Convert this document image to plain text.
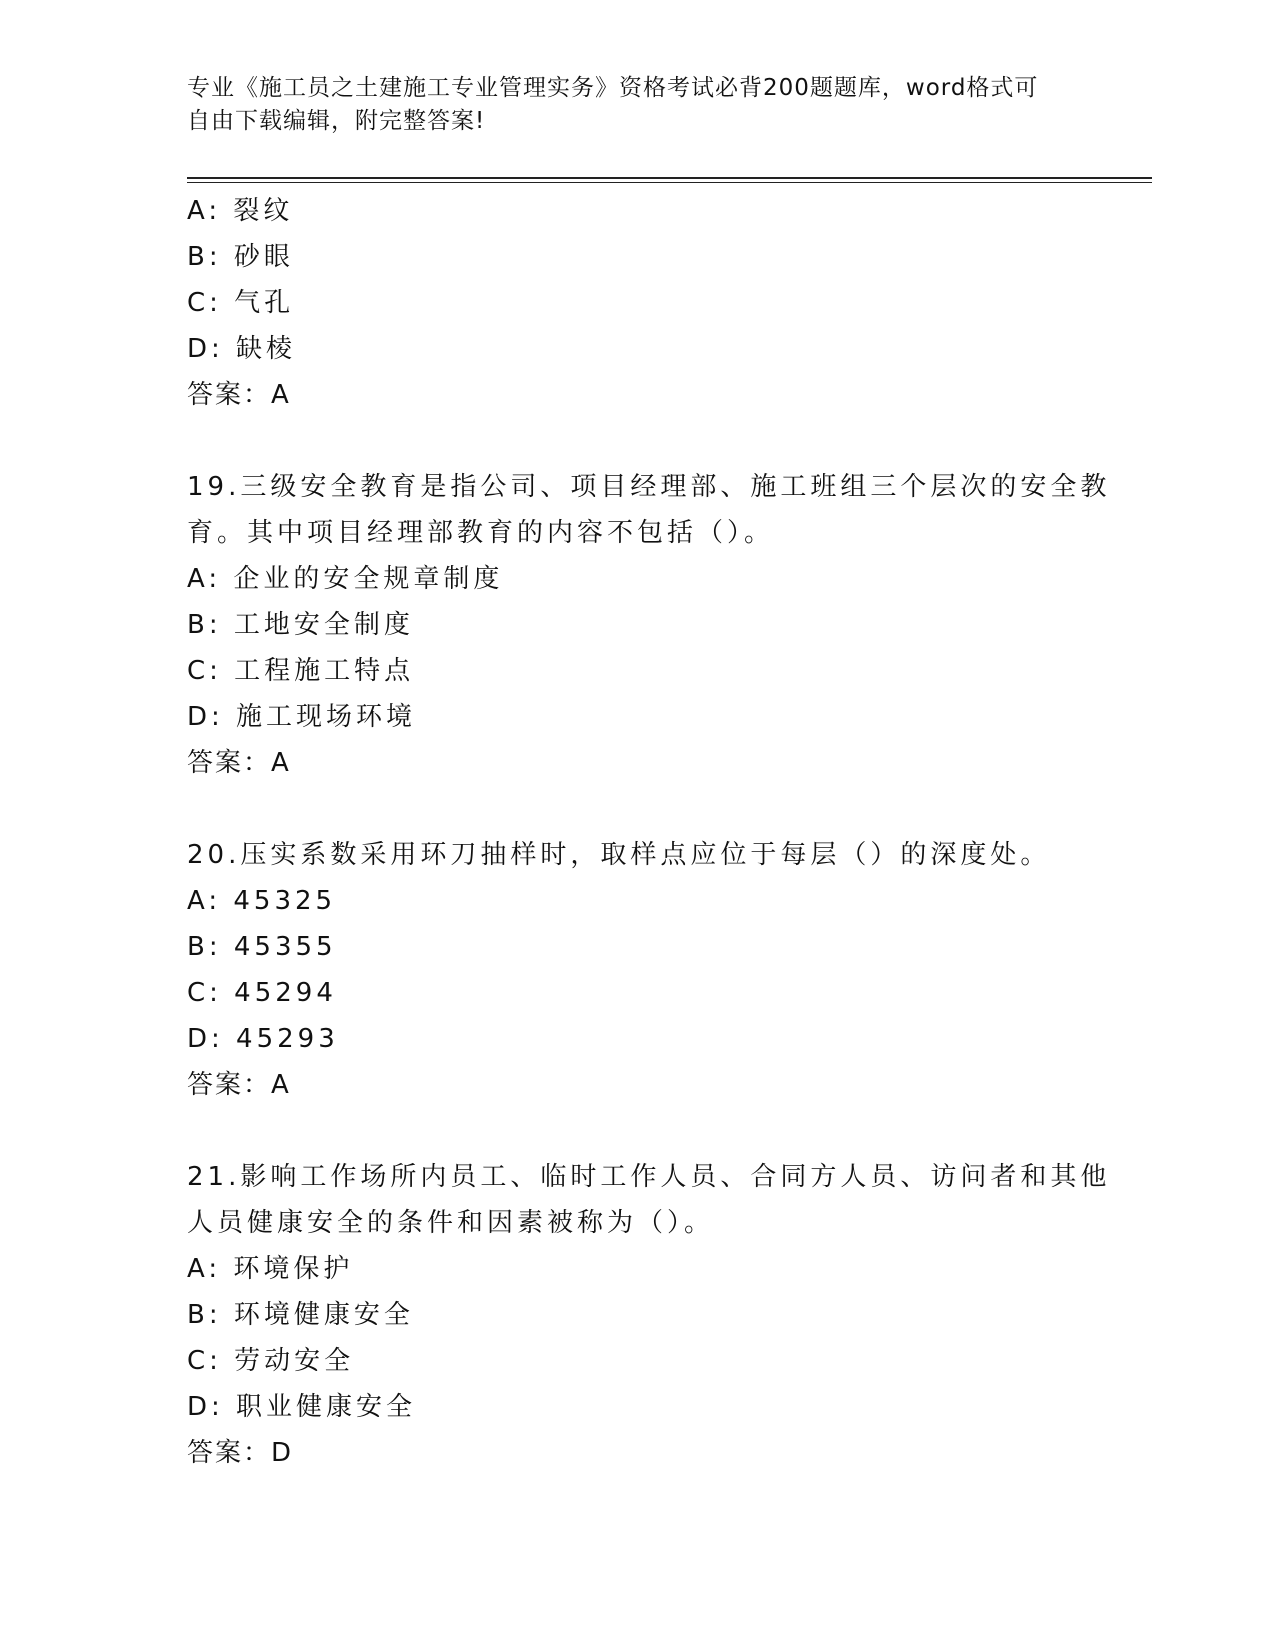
专业《施工员之土建施工专业管理实务》资格考试必背200题题库，word格式可
自由下载编辑，附完整答案!
A: 裂纹
B: 砂眼
C: 气孔
D: 缺棱
答案：A
19.三级安全教育是指公司、项目经理部、施工班组三个层次的安全教
育。其中项目经理部教育的内容不包括（）。
A: 企业的安全规章制度
B: 工地安全制度
C: 工程施工特点
D: 施工现场环境
答案：A
20.压实系数采用环刀抽样时，取样点应位于每层（）的深度处。
A: 45325
B: 45355
C: 45294
D: 45293
答案：A
21.影响工作场所内员工、临时工作人员、合同方人员、访问者和其他
人员健康安全的条件和因素被称为（）。
A: 环境保护
B: 环境健康安全
C: 劳动安全
D: 职业健康安全
答案：D
